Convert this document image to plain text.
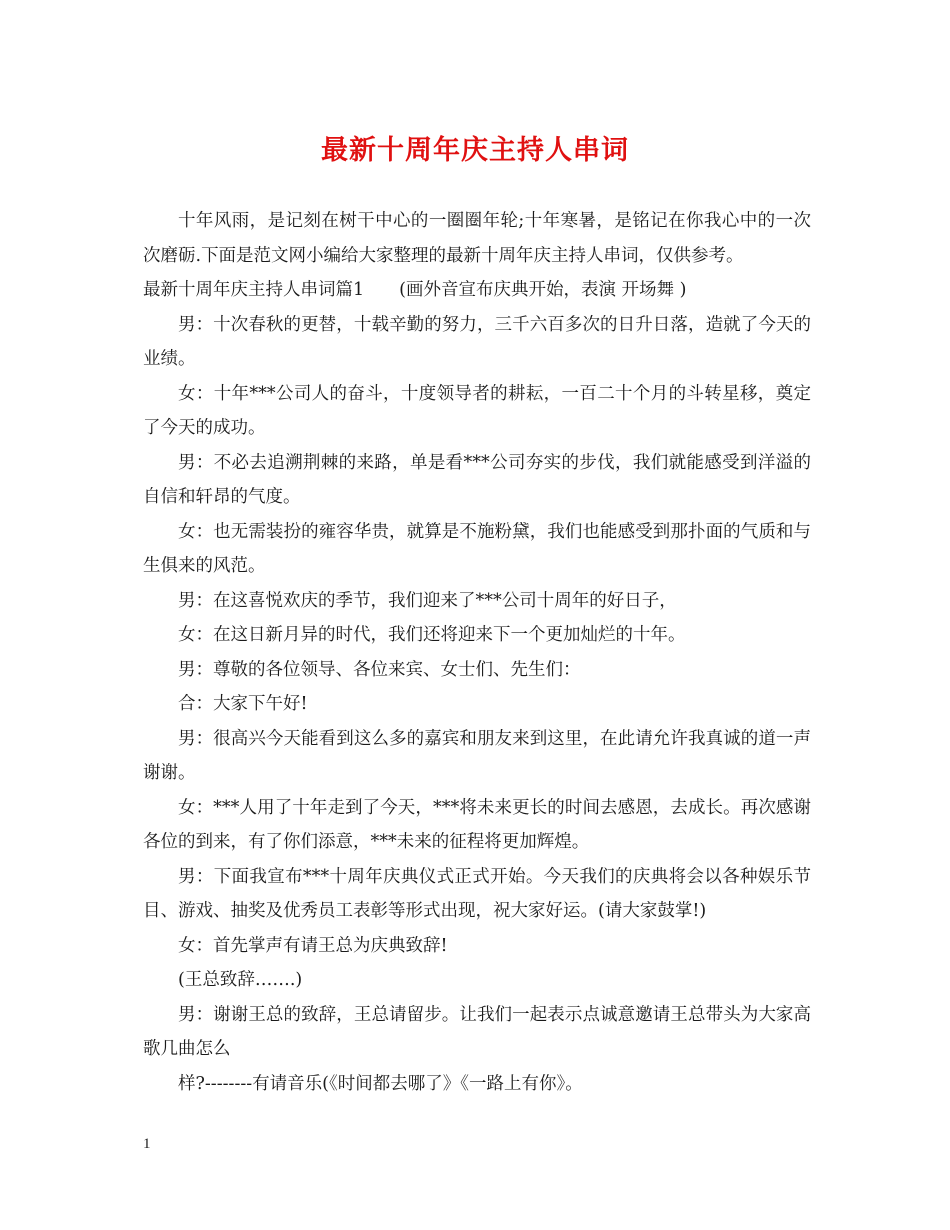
最新十周年庆主持人串词

十年风雨，是记刻在树干中心的一圈圈年轮;十年寒暑，是铭记在你我心中的一次次磨砺.下面是范文网小编给大家整理的最新十周年庆主持人串词，仅供参考。

最新十周年庆主持人串词篇1　　(画外音宣布庆典开始，表演 开场舞 )

男：十次春秋的更替，十载辛勤的努力，三千六百多次的日升日落，造就了今天的业绩。

女：十年***公司人的奋斗，十度领导者的耕耘，一百二十个月的斗转星移，奠定了今天的成功。

男：不必去追溯荆棘的来路，单是看***公司夯实的步伐，我们就能感受到洋溢的自信和轩昂的气度。

女：也无需装扮的雍容华贵，就算是不施粉黛，我们也能感受到那扑面的气质和与生俱来的风范。

男：在这喜悦欢庆的季节，我们迎来了***公司十周年的好日子，

女：在这日新月异的时代，我们还将迎来下一个更加灿烂的十年。

男：尊敬的各位领导、各位来宾、女士们、先生们：

合：大家下午好!

男：很高兴今天能看到这么多的嘉宾和朋友来到这里，在此请允许我真诚的道一声谢谢。

女：***人用了十年走到了今天，***将未来更长的时间去感恩，去成长。再次感谢各位的到来，有了你们添意，***未来的征程将更加辉煌。

男：下面我宣布***十周年庆典仪式正式开始。今天我们的庆典将会以各种娱乐节目、游戏、抽奖及优秀员工表彰等形式出现，祝大家好运。(请大家鼓掌!)

女：首先掌声有请王总为庆典致辞!

(王总致辞…….)

男：谢谢王总的致辞，王总请留步。让我们一起表示点诚意邀请王总带头为大家高歌几曲怎么

样?--------有请音乐(《时间都去哪了》《一路上有你》。

1
